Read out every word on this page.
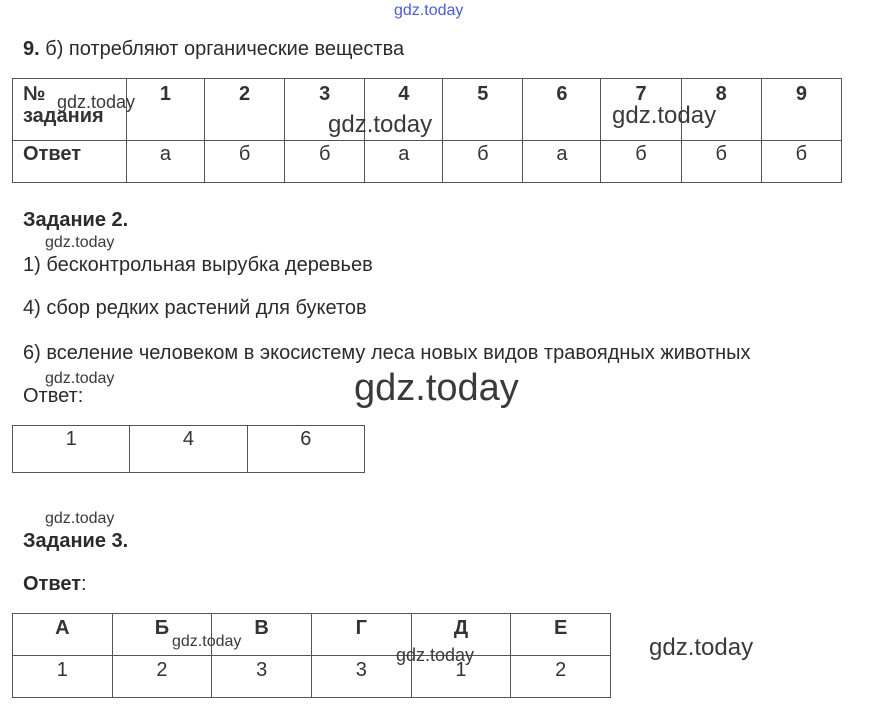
gdz.today
9. б) потребляют органические вещества
№
задания	1	2	3	4	5	6	7	8	9
Ответ	а	б	б	а	б	а	б	б	б
gdz.today
gdz.today	gdz.today
Задание 2.
gdz.today
1) бесконтрольная вырубка деревьев
4) сбор редких растений для букетов
6) вселение человеком в экосистему леса новых видов травоядных животных
gdz.today
Ответ:	gdz.today
1	4	6
gdz.today
Задание 3.
Ответ:
А	Б	В	Г	Д	Е
1	2	3	3	1	2
gdz.today
gdz.today	gdz.today
